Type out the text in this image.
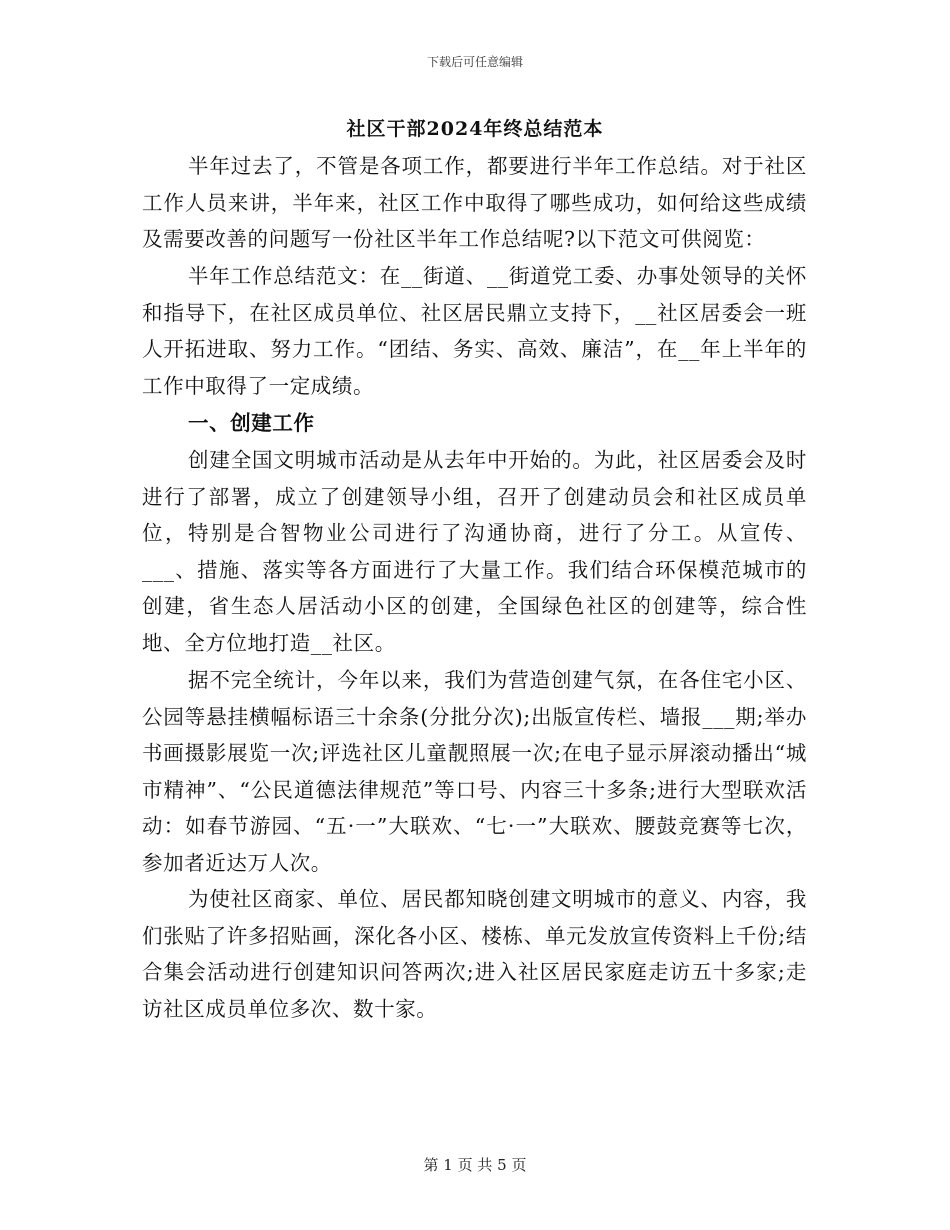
下载后可任意编辑
社区干部2024年终总结范本

半年过去了，不管是各项工作，都要进行半年工作总结。对于社区工作人员来讲，半年来，社区工作中取得了哪些成功，如何给这些成绩及需要改善的问题写一份社区半年工作总结呢?以下范文可供阅览：

半年工作总结范文：在__街道、__街道党工委、办事处领导的关怀和指导下，在社区成员单位、社区居民鼎立支持下，__社区居委会一班人开拓进取、努力工作。“团结、务实、高效、廉洁”，在__年上半年的工作中取得了一定成绩。

一、创建工作

创建全国文明城市活动是从去年中开始的。为此，社区居委会及时进行了部署，成立了创建领导小组，召开了创建动员会和社区成员单位，特别是合智物业公司进行了沟通协商，进行了分工。从宣传、___、措施、落实等各方面进行了大量工作。我们结合环保模范城市的创建，省生态人居活动小区的创建，全国绿色社区的创建等，综合性地、全方位地打造__社区。

据不完全统计，今年以来，我们为营造创建气氛，在各住宅小区、公园等悬挂横幅标语三十余条(分批分次);出版宣传栏、墙报___期;举办书画摄影展览一次;评选社区儿童靓照展一次;在电子显示屏滚动播出“城市精神”、“公民道德法律规范”等口号、内容三十多条;进行大型联欢活动：如春节游园、“五·一”大联欢、“七·一”大联欢、腰鼓竞赛等七次，参加者近达万人次。

为使社区商家、单位、居民都知晓创建文明城市的意义、内容，我们张贴了许多招贴画，深化各小区、楼栋、单元发放宣传资料上千份;结合集会活动进行创建知识问答两次;进入社区居民家庭走访五十多家;走访社区成员单位多次、数十家。

第 1 页 共 5 页
